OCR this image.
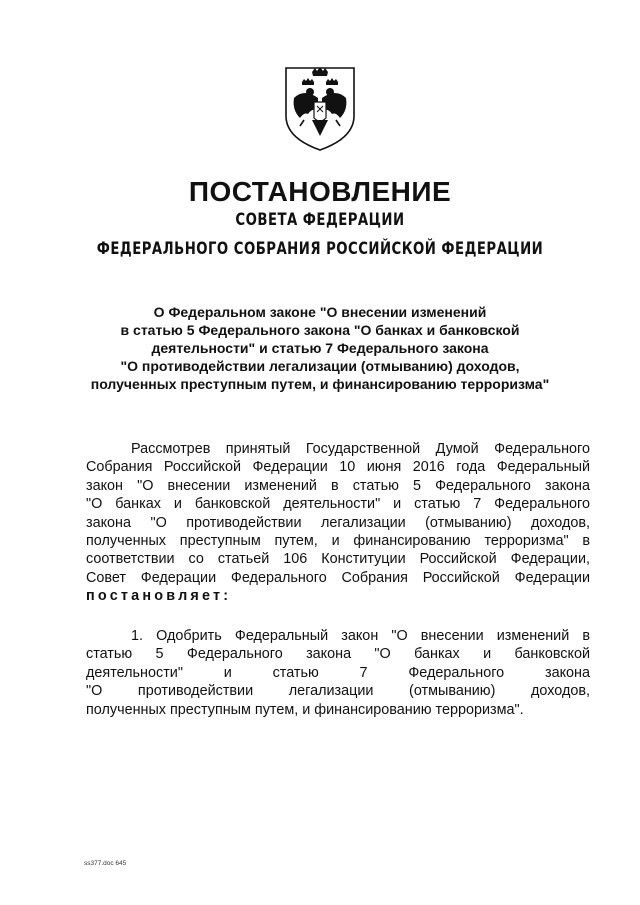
ПОСТАНОВЛЕНИЕ
СОВЕТА ФЕДЕРАЦИИ
ФЕДЕРАЛЬНОГО СОБРАНИЯ РОССИЙСКОЙ ФЕДЕРАЦИИ
О Федеральном законе "О внесении изменений
в статью 5 Федерального закона "О банках и банковской
деятельности" и статью 7 Федерального закона
"О противодействии легализации (отмыванию) доходов,
полученных преступным путем, и финансированию терроризма"
Рассмотрев принятый Государственной Думой Федерального
Собрания Российской Федерации 10 июня 2016 года Федеральный
закон "О внесении изменений в статью 5 Федерального закона
"О банках и банковской деятельности" и статью 7 Федерального
закона "О противодействии легализации (отмыванию) доходов,
полученных преступным путем, и финансированию терроризма" в
соответствии со статьей 106 Конституции Российской Федерации,
Совет Федерации Федерального Собрания Российской Федерации
постановляет:
1. Одобрить Федеральный закон "О внесении изменений в
статью 5 Федерального закона "О банках и банковской
деятельности" и статью 7 Федерального закона
"О противодействии легализации (отмыванию) доходов,
полученных преступным путем, и финансированию терроризма".
ss377.doc 645
